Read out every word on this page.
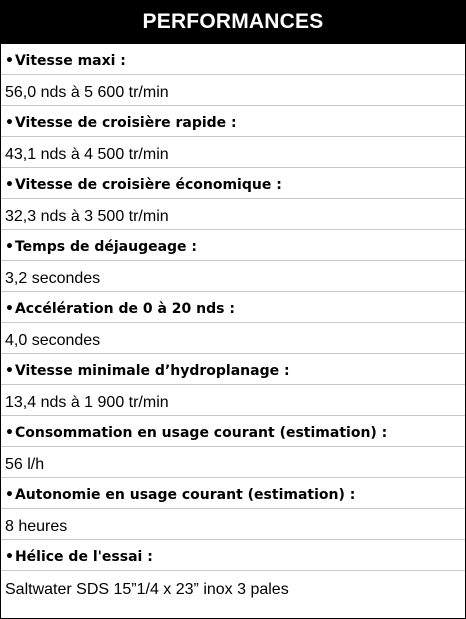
PERFORMANCES
• Vitesse maxi :
56,0 nds à 5 600 tr/min
• Vitesse de croisière rapide :
43,1 nds à 4 500 tr/min
• Vitesse de croisière économique :
32,3 nds à 3 500 tr/min
• Temps de déjaugeage :
3,2 secondes
• Accélération de 0 à 20 nds :
4,0 secondes
• Vitesse minimale d’hydroplanage :
13,4 nds à 1 900 tr/min
• Consommation en usage courant (estimation) :
56 l/h
• Autonomie en usage courant (estimation) :
8 heures
• Hélice de l'essai :
Saltwater SDS 15”1/4 x 23” inox 3 pales
